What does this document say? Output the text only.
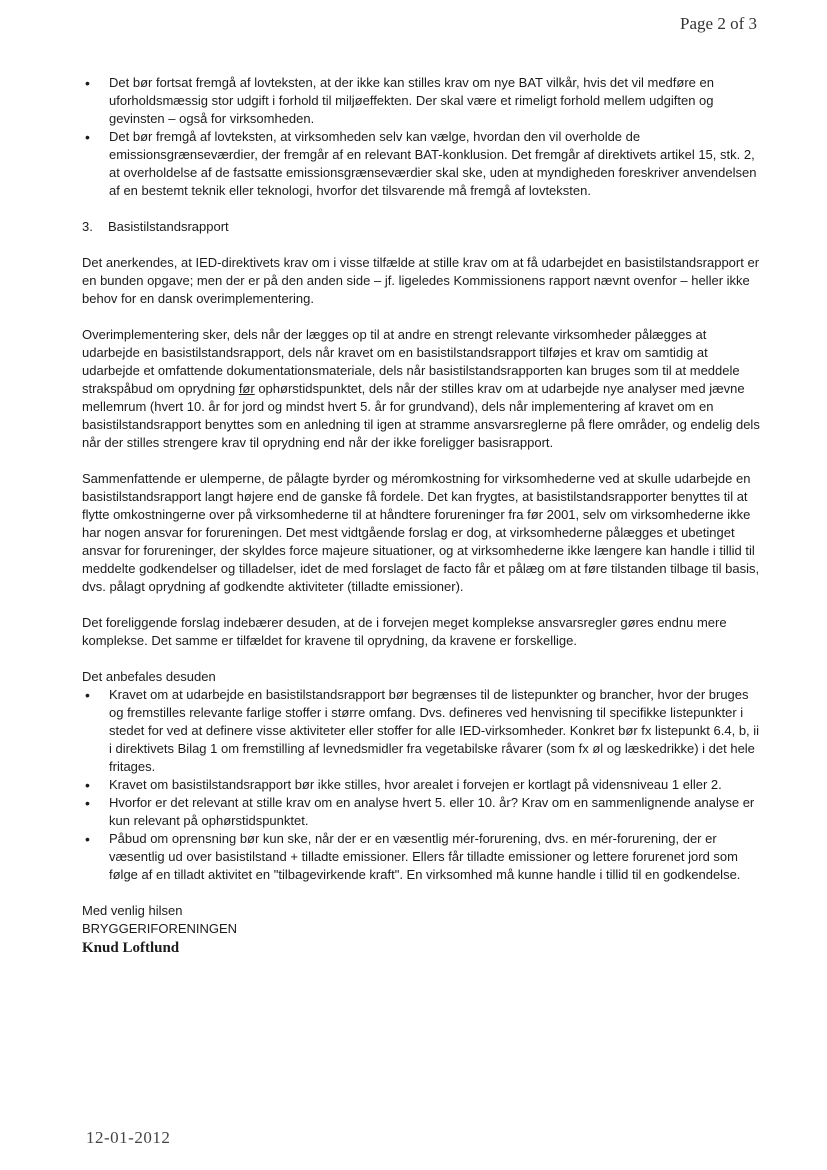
Page 2 of 3
• Det bør fortsat fremgå af lovteksten, at der ikke kan stilles krav om nye BAT vilkår, hvis det vil medføre en uforholdsmæssig stor udgift i forhold til miljøeffekten. Der skal være et rimeligt forhold mellem udgiften og gevinsten – også for virksomheden.
• Det bør fremgå af lovteksten, at virksomheden selv kan vælge, hvordan den vil overholde de emissionsgrænseværdier, der fremgår af en relevant BAT-konklusion. Det fremgår af direktivets artikel 15, stk. 2, at overholdelse af de fastsatte emissionsgrænseværdier skal ske, uden at myndigheden foreskriver anvendelsen af en bestemt teknik eller teknologi, hvorfor det tilsvarende må fremgå af lovteksten.
3.	Basistilstandsrapport

Det anerkendes, at IED-direktivets krav om i visse tilfælde at stille krav om at få udarbejdet en basistilstandsrapport er en bunden opgave; men der er på den anden side – jf. ligeledes Kommissionens rapport nævnt ovenfor – heller ikke behov for en dansk overimplementering.

Overimplementering sker, dels når der lægges op til at andre en strengt relevante virksomheder pålægges at udarbejde en basistilstandsrapport, dels når kravet om en basistilstandsrapport tilføjes et krav om samtidig at udarbejde et omfattende dokumentationsmateriale, dels når basistilstandsrapporten kan bruges som til at meddele strakspåbud om oprydning før ophørstidspunktet, dels når der stilles krav om at udarbejde nye analyser med jævne mellemrum (hvert 10. år for jord og mindst hvert 5. år for grundvand), dels når implementering af kravet om en basistilstandsrapport benyttes som en anledning til igen at stramme ansvarsreglerne på flere områder, og endelig dels når der stilles strengere krav til oprydning end når der ikke foreligger basisrapport.

Sammenfattende er ulemperne, de pålagte byrder og méromkostning for virksomhederne ved at skulle udarbejde en basistilstandsrapport langt højere end de ganske få fordele. Det kan frygtes, at basistilstandsrapporter benyttes til at flytte omkostningerne over på virksomhederne til at håndtere forureninger fra før 2001, selv om virksomhederne ikke har nogen ansvar for forureningen. Det mest vidtgående forslag er dog, at virksomhederne pålægges et ubetinget ansvar for forureninger, der skyldes force majeure situationer, og at virksomhederne ikke længere kan handle i tillid til meddelte godkendelser og tilladelser, idet de med forslaget de facto får et pålæg om at føre tilstanden tilbage til basis, dvs. pålagt oprydning af godkendte aktiviteter (tilladte emissioner).

Det foreliggende forslag indebærer desuden, at de i forvejen meget komplekse ansvarsregler gøres endnu mere komplekse. Det samme er tilfældet for kravene til oprydning, da kravene er forskellige.

Det anbefales desuden

• Kravet om at udarbejde en basistilstandsrapport bør begrænses til de listepunkter og brancher, hvor der bruges og fremstilles relevante farlige stoffer i større omfang. Dvs. defineres ved henvisning til specifikke listepunkter i stedet for ved at definere visse aktiviteter eller stoffer for alle IED-virksomheder. Konkret bør fx listepunkt 6.4, b, ii i direktivets Bilag 1 om fremstilling af levnedsmidler fra vegetabilske råvarer (som fx øl og læskedrikke) i det hele fritages.
• Kravet om basistilstandsrapport bør ikke stilles, hvor arealet i forvejen er kortlagt på vidensniveau 1 eller 2.
• Hvorfor er det relevant at stille krav om en analyse hvert 5. eller 10. år? Krav om en sammenlignende analyse er kun relevant på ophørstidspunktet.
• Påbud om oprensning bør kun ske, når der er en væsentlig mér-forurening, dvs. en mér-forurening, der er væsentlig ud over basistilstand + tilladte emissioner. Ellers får tilladte emissioner og lettere forurenet jord som følge af en tilladt aktivitet en "tilbagevirkende kraft". En virksomhed må kunne handle i tillid til en godkendelse.

Med venlig hilsen

BRYGGERIFORENINGEN

Knud Loftlund

12-01-2012
